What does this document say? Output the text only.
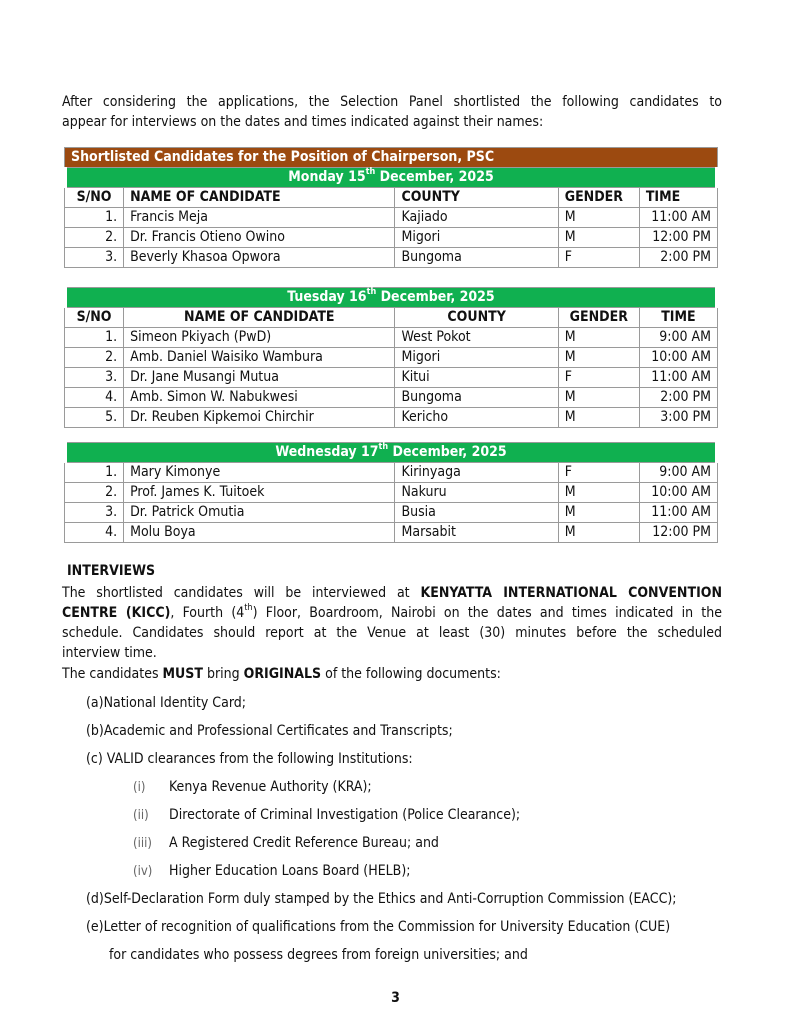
After considering the applications, the Selection Panel shortlisted the following candidates to
appear for interviews on the dates and times indicated against their names:
Shortlisted Candidates for the Position of Chairperson, PSC				
Monday 15th December, 2025				
S/NO	NAME OF CANDIDATE	COUNTY	GENDER	TIME
1.	Francis Meja	Kajiado	M	11:00 AM
2.	Dr. Francis Otieno Owino	Migori	M	12:00 PM
3.	Beverly Khasoa Opwora	Bungoma	F	2:00 PM
Tuesday 16th December, 2025				
S/NO	NAME OF CANDIDATE	COUNTY	GENDER	TIME
1.	Simeon Pkiyach (PwD)	West Pokot	M	9:00 AM
2.	Amb. Daniel Waisiko Wambura	Migori	M	10:00 AM
3.	Dr. Jane Musangi Mutua	Kitui	F	11:00 AM
4.	Amb. Simon W. Nabukwesi	Bungoma	M	2:00 PM
5.	Dr. Reuben Kipkemoi Chirchir	Kericho	M	3:00 PM
Wednesday 17th December, 2025				
1.	Mary Kimonye	Kirinyaga	F	9:00 AM
2.	Prof. James K. Tuitoek	Nakuru	M	10:00 AM
3.	Dr. Patrick Omutia	Busia	M	11:00 AM
4.	Molu Boya	Marsabit	M	12:00 PM
INTERVIEWS
The shortlisted candidates will be interviewed at KENYATTA INTERNATIONAL CONVENTION
CENTRE (KICC), Fourth (4th) Floor, Boardroom, Nairobi on the dates and times indicated in the
schedule. Candidates should report at the Venue at least (30) minutes before the scheduled
interview time.
The candidates MUST bring ORIGINALS of the following documents:
(a)National Identity Card;
(b)Academic and Professional Certificates and Transcripts;
(c) VALID clearances from the following Institutions:
(i) Kenya Revenue Authority (KRA);
(ii) Directorate of Criminal Investigation (Police Clearance);
(iii) A Registered Credit Reference Bureau; and
(iv) Higher Education Loans Board (HELB);
(d)Self-Declaration Form duly stamped by the Ethics and Anti-Corruption Commission (EACC);
(e)Letter of recognition of qualifications from the Commission for University Education (CUE)
for candidates who possess degrees from foreign universities; and
3
